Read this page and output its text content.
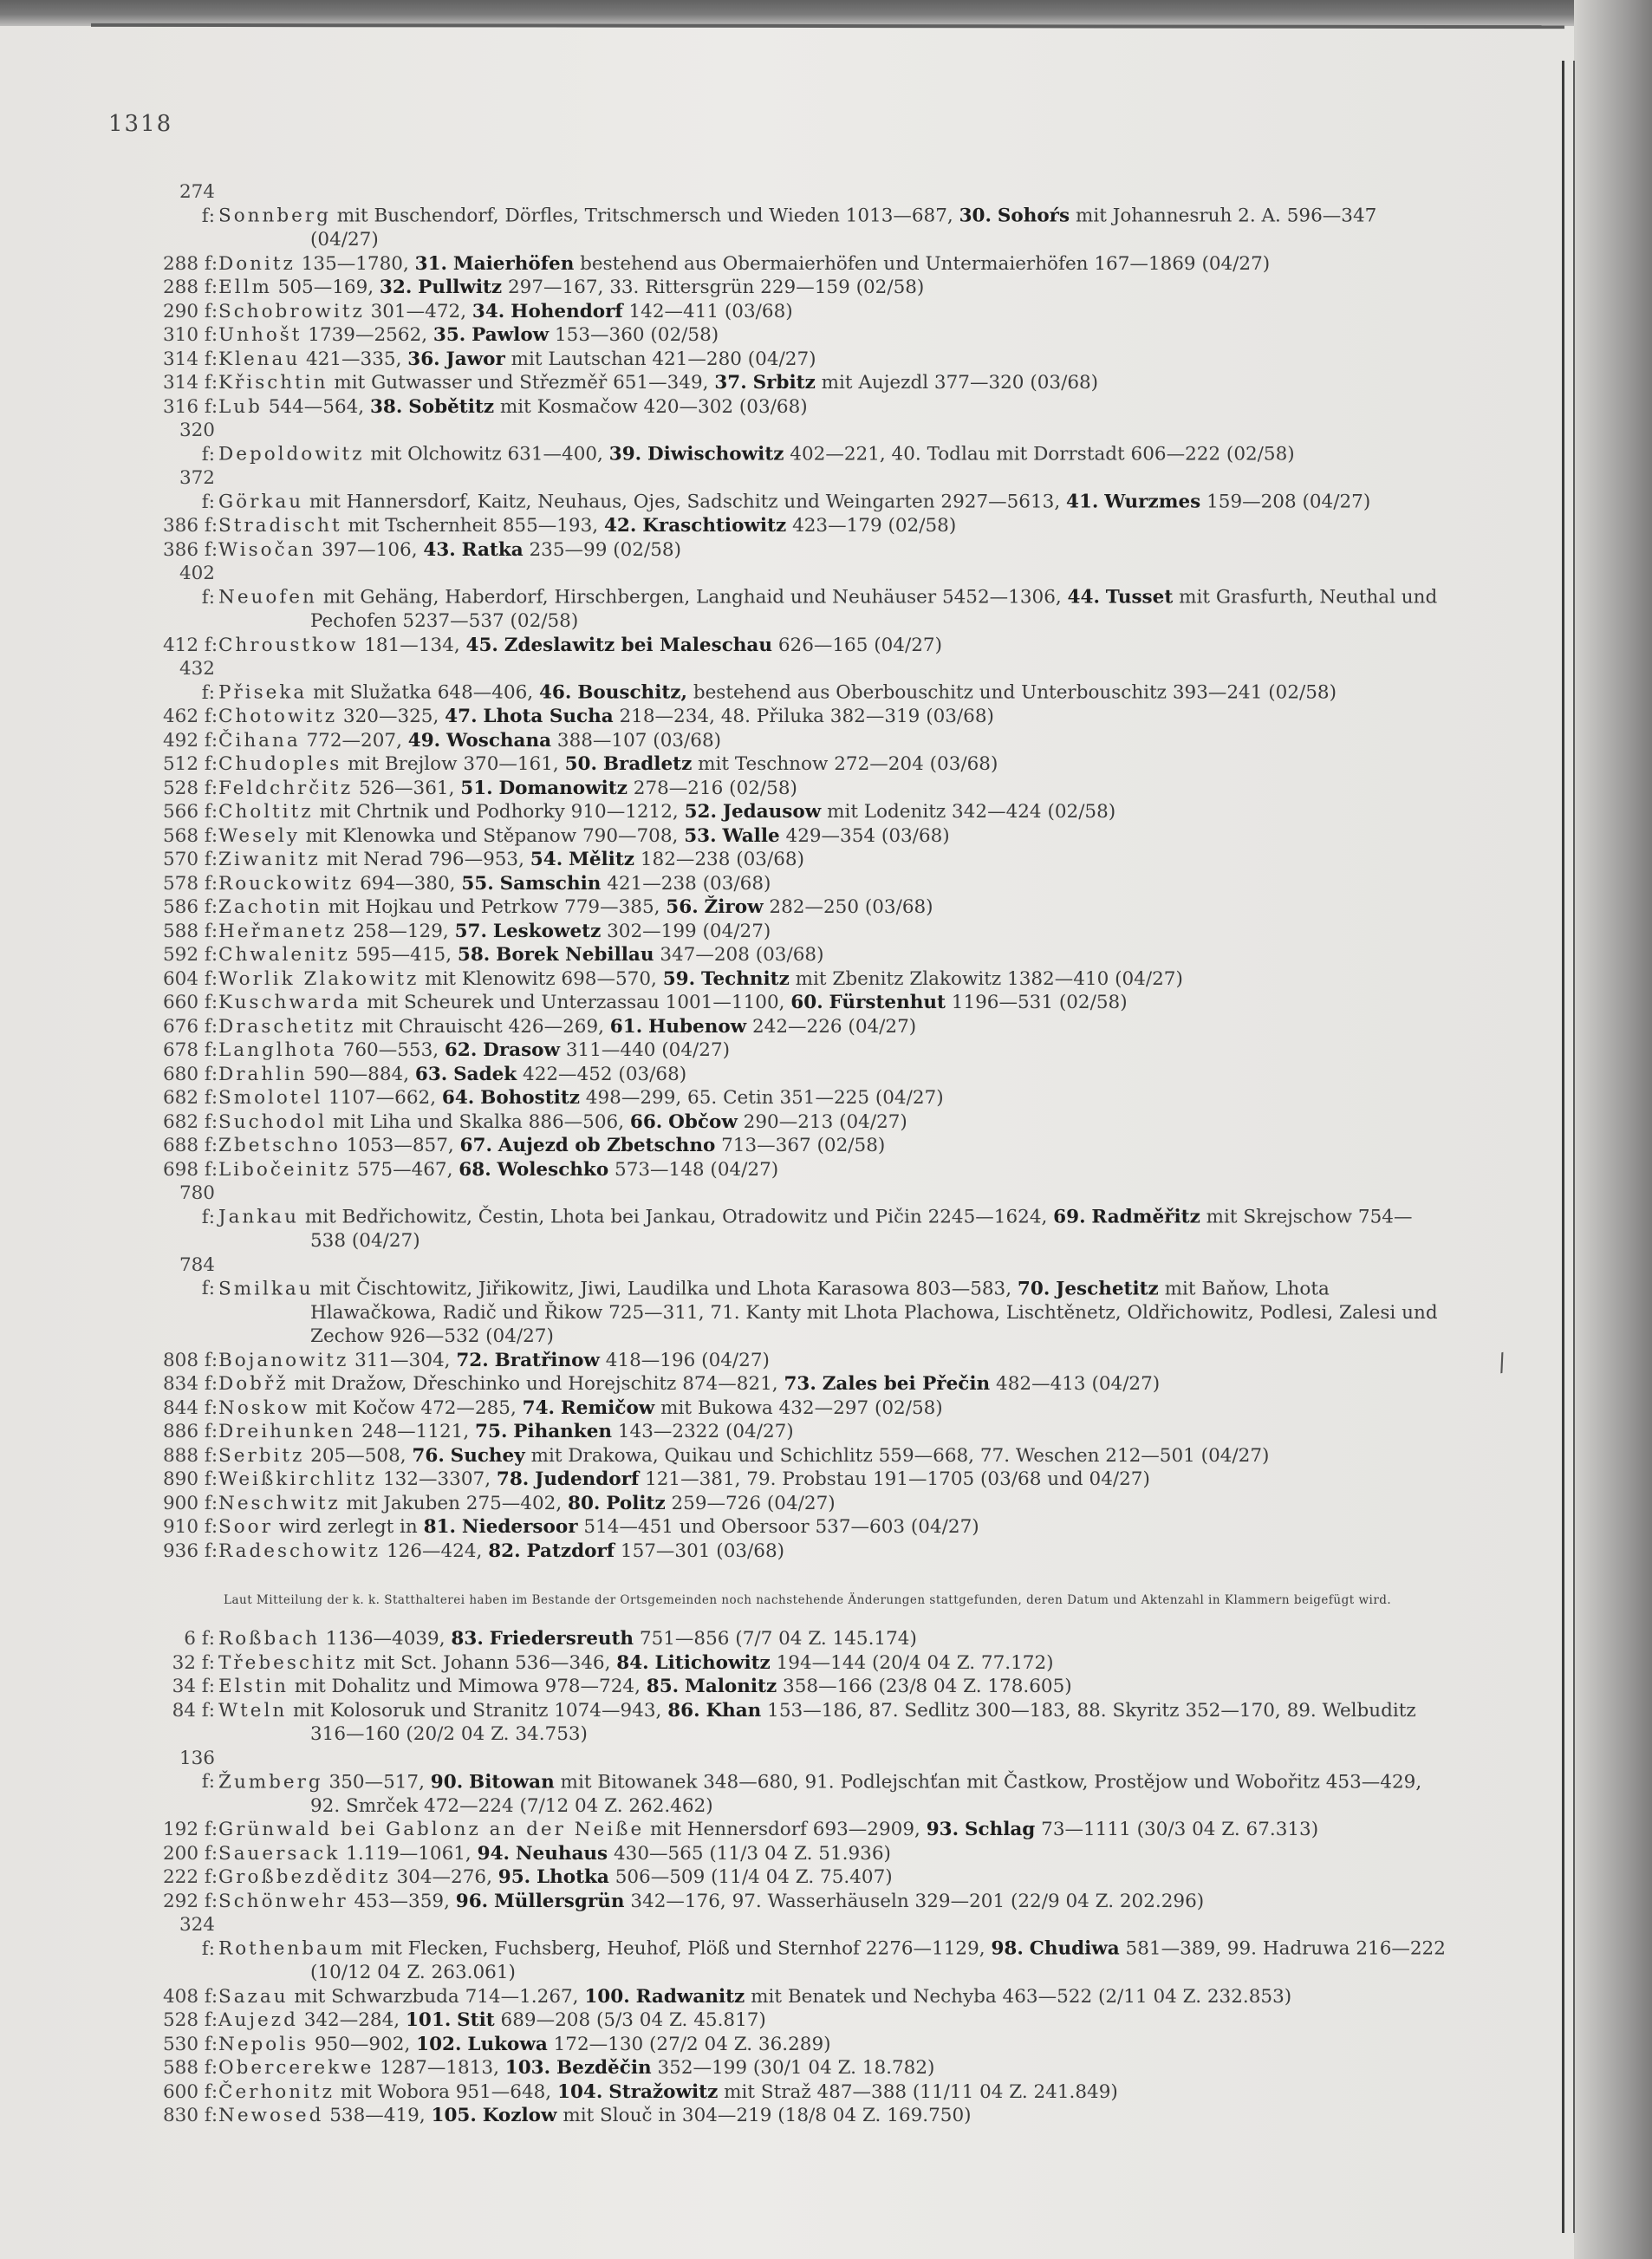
/
1318
274 f: Sonnberg mit Buschendorf, Dörfles, Tritschmersch und Wieden 1013—687, 30. Sohoŕs mit Johannesruh 2. A. 596—347 (04/27)
288 f:Donitz 135—1780, 31. Maierhöfen bestehend aus Obermaierhöfen und Untermaierhöfen 167—1869 (04/27)
288 f:Ellm 505—169, 32. Pullwitz 297—167, 33. Rittersgrün 229—159 (02/58)
290 f:Schobrowitz 301—472, 34. Hohendorf 142—411 (03/68)
310 f:Unhošt 1739—2562, 35. Pawlow 153—360 (02/58)
314 f:Klenau 421—335, 36. Jawor mit Lautschan 421—280 (04/27)
314 f:Křischtin mit Gutwasser und Střezměř 651—349, 37. Srbitz mit Aujezdl 377—320 (03/68)
316 f:Lub 544—564, 38. Sobětitz mit Kosmačow 420—302 (03/68)
320 f: Depoldowitz mit Olchowitz 631—400, 39. Diwischowitz 402—221, 40. Todlau mit Dorrstadt 606—222 (02/58)
372 f: Görkau mit Hannersdorf, Kaitz, Neuhaus, Ojes, Sadschitz und Weingarten 2927—5613, 41. Wurzmes 159—208 (04/27)
386 f:Stradischt mit Tschernheit 855—193, 42. Kraschtiowitz 423—179 (02/58)
386 f:Wisočan 397—106, 43. Ratka 235—99 (02/58)
402 f: Neuofen mit Gehäng, Haberdorf, Hirschbergen, Langhaid und Neuhäuser 5452—1306, 44. Tusset mit Grasfurth, Neuthal und Pechofen 5237—537 (02/58)
412 f:Chroustkow 181—134, 45. Zdeslawitz bei Maleschau 626—165 (04/27)
432 f: Přiseka mit Služatka 648—406, 46. Bouschitz, bestehend aus Oberbouschitz und Unterbouschitz 393—241 (02/58)
462 f:Chotowitz 320—325, 47. Lhota Sucha 218—234, 48. Přiluka 382—319 (03/68)
492 f:Čihana 772—207, 49. Woschana 388—107 (03/68)
512 f:Chudoples mit Brejlow 370—161, 50. Bradletz mit Teschnow 272—204 (03/68)
528 f:Feldchrčitz 526—361, 51. Domanowitz 278—216 (02/58)
566 f:Choltitz mit Chrtnik und Podhorky 910—1212, 52. Jedausow mit Lodenitz 342—424 (02/58)
568 f:Wesely mit Klenowka und Stěpanow 790—708, 53. Walle 429—354 (03/68)
570 f:Ziwanitz mit Nerad 796—953, 54. Mělitz 182—238 (03/68)
578 f:Rouckowitz 694—380, 55. Samschin 421—238 (03/68)
586 f:Zachotin mit Hojkau und Petrkow 779—385, 56. Žirow 282—250 (03/68)
588 f:Heřmanetz 258—129, 57. Leskowetz 302—199 (04/27)
592 f:Chwalenitz 595—415, 58. Borek Nebillau 347—208 (03/68)
604 f:Worlik Zlakowitz mit Klenowitz 698—570, 59. Technitz mit Zbenitz Zlakowitz 1382—410 (04/27)
660 f:Kuschwarda mit Scheurek und Unterzassau 1001—1100, 60. Fürstenhut 1196—531 (02/58)
676 f:Draschetitz mit Chrauischt 426—269, 61. Hubenow 242—226 (04/27)
678 f:Langlhota 760—553, 62. Drasow 311—440 (04/27)
680 f:Drahlin 590—884, 63. Sadek 422—452 (03/68)
682 f:Smolotel 1107—662, 64. Bohostitz 498—299, 65. Cetin 351—225 (04/27)
682 f:Suchodol mit Liha und Skalka 886—506, 66. Občow 290—213 (04/27)
688 f:Zbetschno 1053—857, 67. Aujezd ob Zbetschno 713—367 (02/58)
698 f:Libočeinitz 575—467, 68. Woleschko 573—148 (04/27)
780 f: Jankau mit Bedřichowitz, Čestin, Lhota bei Jankau, Otradowitz und Pičin 2245—1624, 69. Radměřitz mit Skrejschow 754—538 (04/27)
784 f: Smilkau mit Čischtowitz, Jiřikowitz, Jiwi, Laudilka und Lhota Karasowa 803—583, 70. Jeschetitz mit Baňow, Lhota Hlawačkowa, Radič und Řikow 725—311, 71. Kanty mit Lhota Plachowa, Lischtěnetz, Oldřichowitz, Podlesi, Zalesi und Zechow 926—532 (04/27)
808 f:Bojanowitz 311—304, 72. Bratřinow 418—196 (04/27)
834 f:Dobřž mit Dražow, Dřeschinko und Horejschitz 874—821, 73. Zales bei Přečin 482—413 (04/27)
844 f:Noskow mit Kočow 472—285, 74. Remičow mit Bukowa 432—297 (02/58)
886 f:Dreihunken 248—1121, 75. Pihanken 143—2322 (04/27)
888 f:Serbitz 205—508, 76. Suchey mit Drakowa, Quikau und Schichlitz 559—668, 77. Weschen 212—501 (04/27)
890 f:Weißkirchlitz 132—3307, 78. Judendorf 121—381, 79. Probstau 191—1705 (03/68 und 04/27)
900 f:Neschwitz mit Jakuben 275—402, 80. Politz 259—726 (04/27)
910 f:Soor wird zerlegt in 81. Niedersoor 514—451 und Obersoor 537—603 (04/27)
936 f:Radeschowitz 126—424, 82. Patzdorf 157—301 (03/68)
Laut Mitteilung der k. k. Statthalterei haben im Bestande der Ortsgemeinden noch nachstehende Änderungen stattgefunden, deren Datum und Aktenzahl in Klammern beigefügt wird.
6 f: Roßbach 1136—4039, 83. Friedersreuth 751—856 (7/7 04 Z. 145.174)
32 f: Třebeschitz mit Sct. Johann 536—346, 84. Litichowitz 194—144 (20/4 04 Z. 77.172)
34 f: Elstin mit Dohalitz und Mimowa 978—724, 85. Malonitz 358—166 (23/8 04 Z. 178.605)
84 f: Wteln mit Kolosoruk und Stranitz 1074—943, 86. Khan 153—186, 87. Sedlitz 300—183, 88. Skyritz 352—170, 89. Welbuditz 316—160 (20/2 04 Z. 34.753)
136 f: Žumberg 350—517, 90. Bitowan mit Bitowanek 348—680, 91. Podlejschťan mit Častkow, Prostějow und Wobořitz 453—429, 92. Smrček 472—224 (7/12 04 Z. 262.462)
192 f:Grünwald bei Gablonz an der Neiße mit Hennersdorf 693—2909, 93. Schlag 73—1111 (30/3 04 Z. 67.313)
200 f:Sauersack 1.119—1061, 94. Neuhaus 430—565 (11/3 04 Z. 51.936)
222 f:Großbezděditz 304—276, 95. Lhotka 506—509 (11/4 04 Z. 75.407)
292 f:Schönwehr 453—359, 96. Müllersgrün 342—176, 97. Wasserhäuseln 329—201 (22/9 04 Z. 202.296)
324 f: Rothenbaum mit Flecken, Fuchsberg, Heuhof, Plöß und Sternhof 2276—1129, 98. Chudiwa 581—389, 99. Hadruwa 216—222 (10/12 04 Z. 263.061)
408 f:Sazau mit Schwarzbuda 714—1.267, 100. Radwanitz mit Benatek und Nechyba 463—522 (2/11 04 Z. 232.853)
528 f:Aujezd 342—284, 101. Stit 689—208 (5/3 04 Z. 45.817)
530 f:Nepolis 950—902, 102. Lukowa 172—130 (27/2 04 Z. 36.289)
588 f:Obercerekwe 1287—1813, 103. Bezděčin 352—199 (30/1 04 Z. 18.782)
600 f:Čerhonitz mit Wobora 951—648, 104. Stražowitz mit Straž 487—388 (11/11 04 Z. 241.849)
830 f:Newosed 538—419, 105. Kozlow mit Slouč in 304—219 (18/8 04 Z. 169.750)
